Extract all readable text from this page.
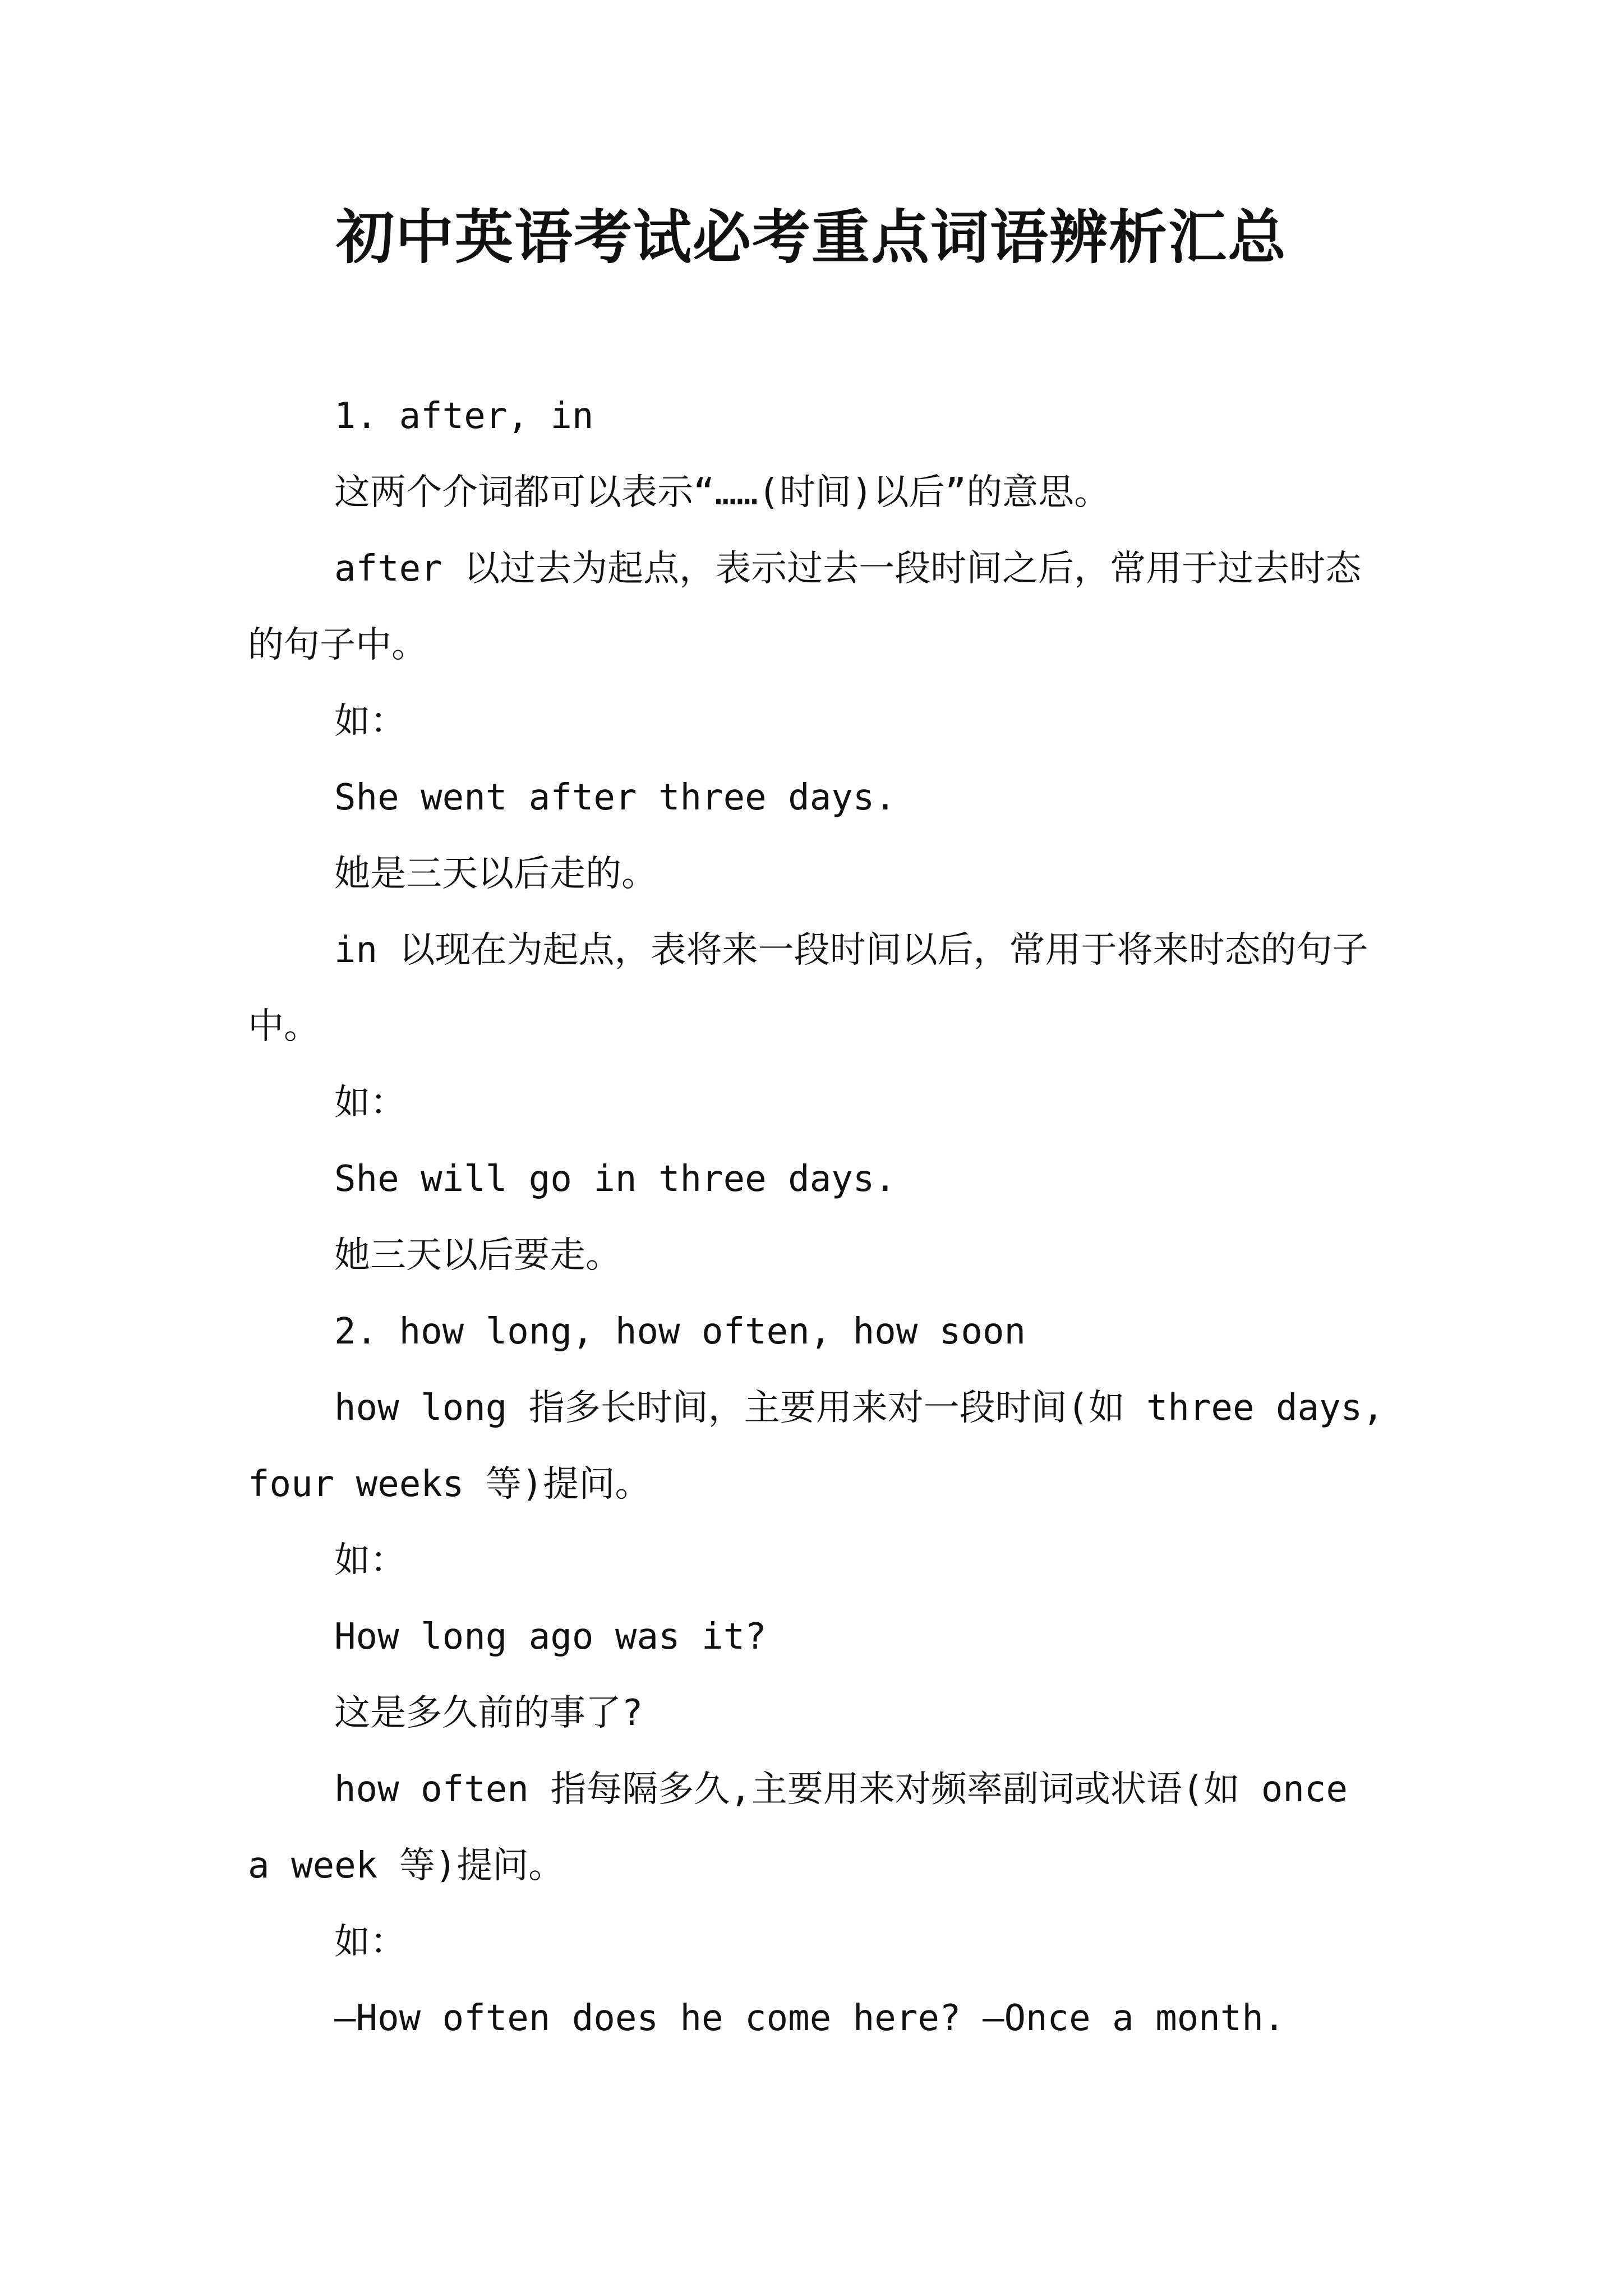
初中英语考试必考重点词语辨析汇总

1. after, in

这两个介词都可以表示“……(时间)以后”的意思。

after 以过去为起点，表示过去一段时间之后，常用于过去时态的句子中。

如：

She went after three days.

她是三天以后走的。

in 以现在为起点，表将来一段时间以后，常用于将来时态的句子中。

如：

She will go in three days.

她三天以后要走。

2. how long, how often, how soon

how long 指多长时间，主要用来对一段时间(如 three days, four weeks 等)提问。

如：

How long ago was it?

这是多久前的事了?

how often 指每隔多久,主要用来对频率副词或状语(如 once a week 等)提问。

如：

—How often does he come here? —Once a month.
